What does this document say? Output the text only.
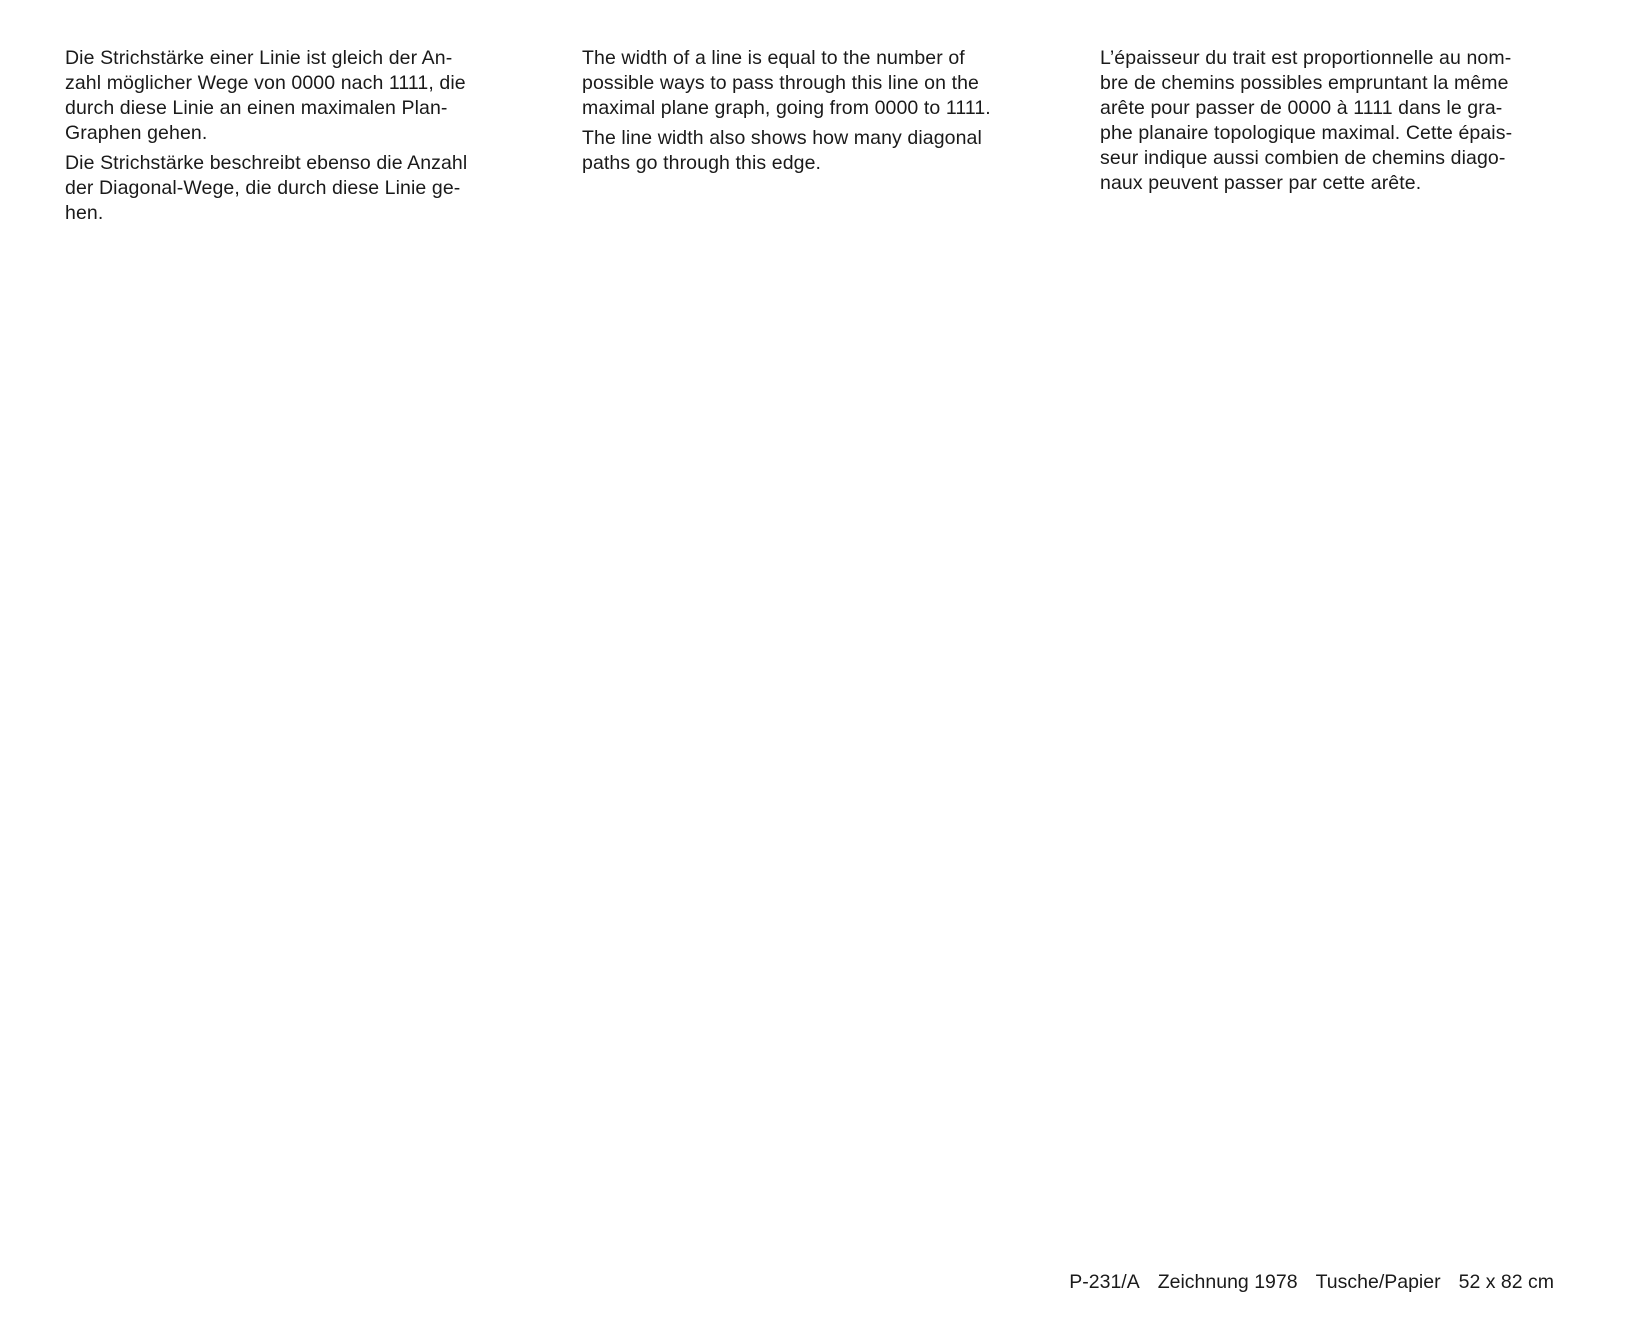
Die Strichstärke einer Linie ist gleich der An-
zahl möglicher Wege von 0000 nach 1111, die
durch diese Linie an einen maximalen Plan-
Graphen gehen.

Die Strichstärke beschreibt ebenso die Anzahl
der Diagonal-Wege, die durch diese Linie ge-
hen.

The width of a line is equal to the number of
possible ways to pass through this line on the
maximal plane graph, going from 0000 to 1111.

The line width also shows how many diagonal
paths go through this edge.

L’épaisseur du trait est proportionnelle au nom-
bre de chemins possibles empruntant la même
arête pour passer de 0000 à 1111 dans le gra-
phe planaire topologique maximal. Cette épais-
seur indique aussi combien de chemins diago-
naux peuvent passer par cette arête.

P-231/A Zeichnung 1978 Tusche/Papier 52 x 82 cm
